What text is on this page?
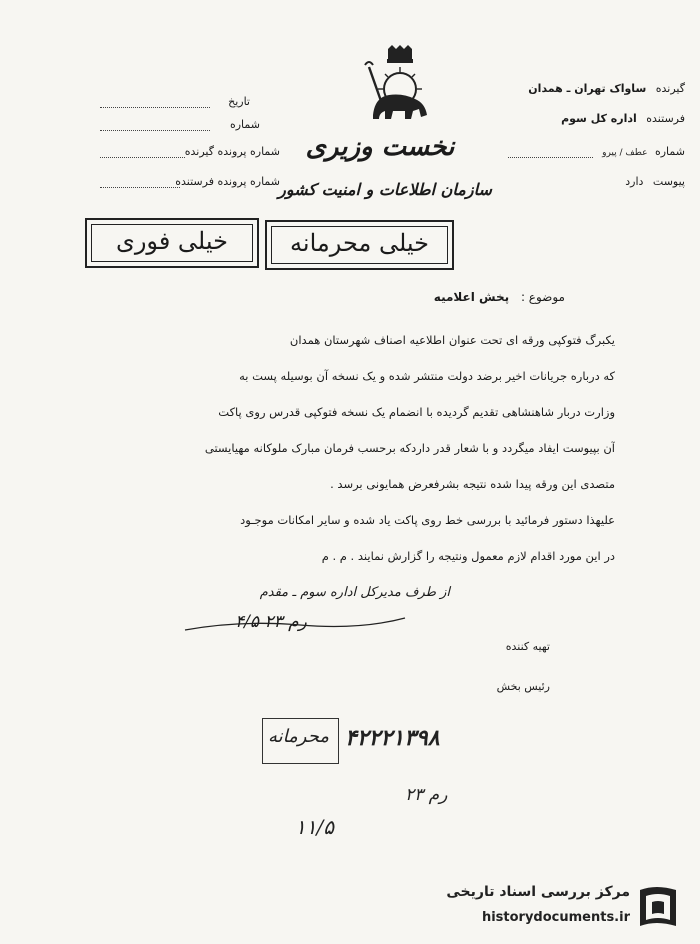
تاریخ
شماره
شماره پرونده گیرنده
شماره پرونده فرستنده
گیرنده ساواک تهران ـ همدان
فرستنده اداره کل سوم
شماره عطف / پیرو
پیوست دارد
نخست وزیری
سازمان اطلاعات و امنیت کشور
خیلی فوری	خیلی محرمانه
موضوع : پخش اعلامیه

یکبرگ فتوکپی ورقه ای تحت عنوان اطلاعیه اصناف شهرستان همدان

که درباره جریانات اخیر برضد دولت منتشر شده و یک نسخه آن بوسیله پست به

وزارت دربار شاهنشاهی تقدیم گردیده با انضمام یک نسخه فتوکپی قدرس روی پاکت

آن بپیوست ایفاد میگردد و با شعار قدر داردکه برحسب فرمان مبارک ملوکانه مهیایستی

متصدی این ورقه پیدا شده نتیجه بشرفعرض همایونی برسد .

علیهذا دستور فرمائید با بررسی خط روی پاکت یاد شده و سایر امکانات موجـود

در این مورد اقدام لازم معمول ونتیجه را گزارش نمایند . م . م

از طرف مدیرکل اداره سوم ـ مقدم
۴/۵ رم ۲۳
تهیه کننده
رئیس بخش
محرمانه ۴۲۲۲۱۳۹۸
رم ۲۳
۱۱/۵
مرکز بررسی اسناد تاریخی
historydocuments.ir
